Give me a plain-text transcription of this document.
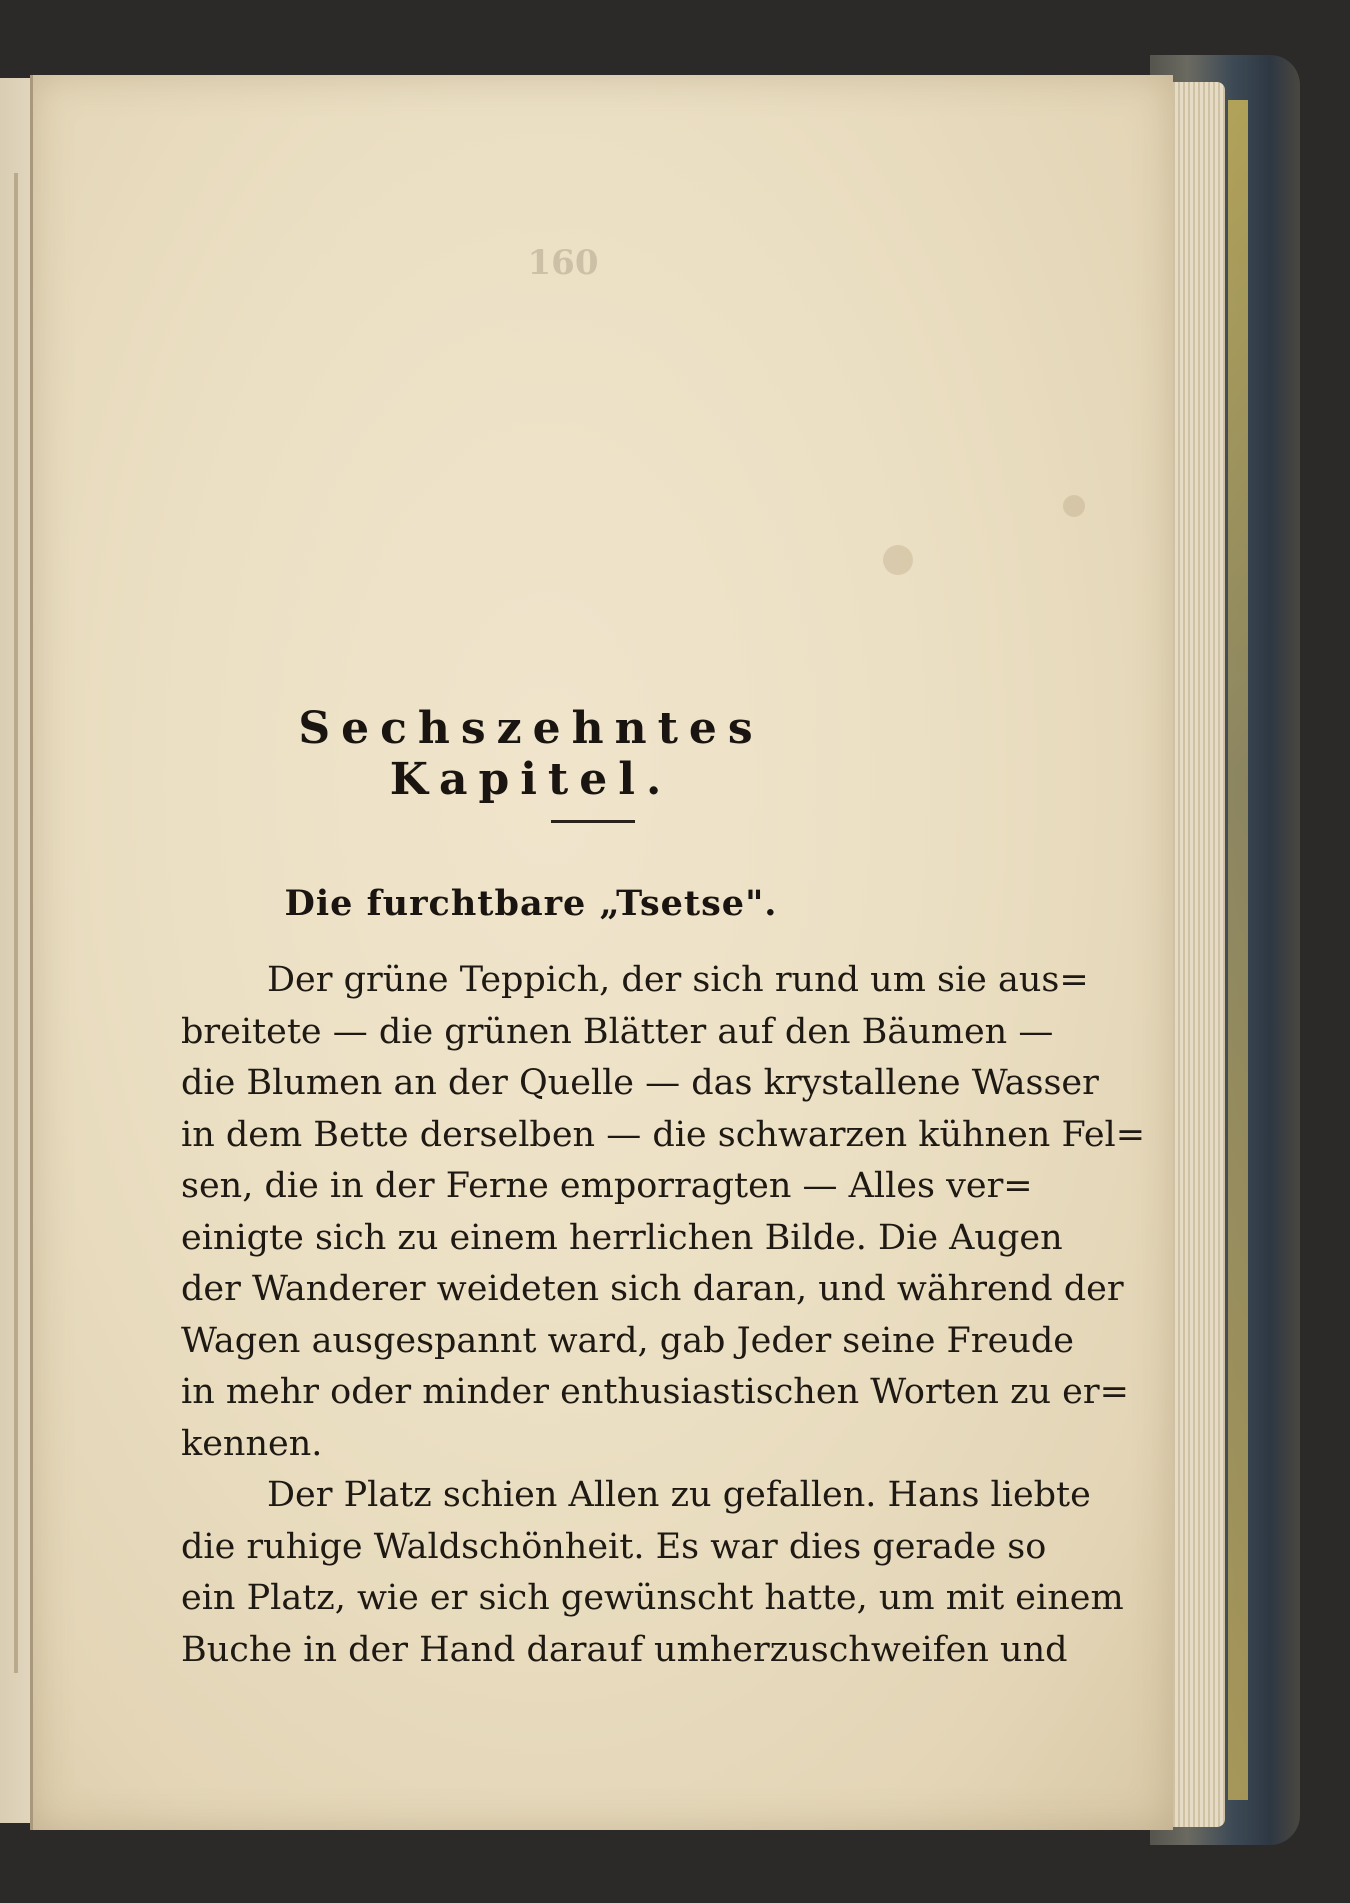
160
Sechszehntes Kapitel.
Die furchtbare „Tsetse".
Der grüne Teppich, der sich rund um sie aus=
breitete — die grünen Blätter auf den Bäumen —
die Blumen an der Quelle — das krystallene Wasser
in dem Bette derselben — die schwarzen kühnen Fel=
sen, die in der Ferne emporragten — Alles ver=
einigte sich zu einem herrlichen Bilde. Die Augen
der Wanderer weideten sich daran, und während der
Wagen ausgespannt ward, gab Jeder seine Freude
in mehr oder minder enthusiastischen Worten zu er=
kennen.
Der Platz schien Allen zu gefallen. Hans liebte
die ruhige Waldschönheit. Es war dies gerade so
ein Platz, wie er sich gewünscht hatte, um mit einem
Buche in der Hand darauf umherzuschweifen und
